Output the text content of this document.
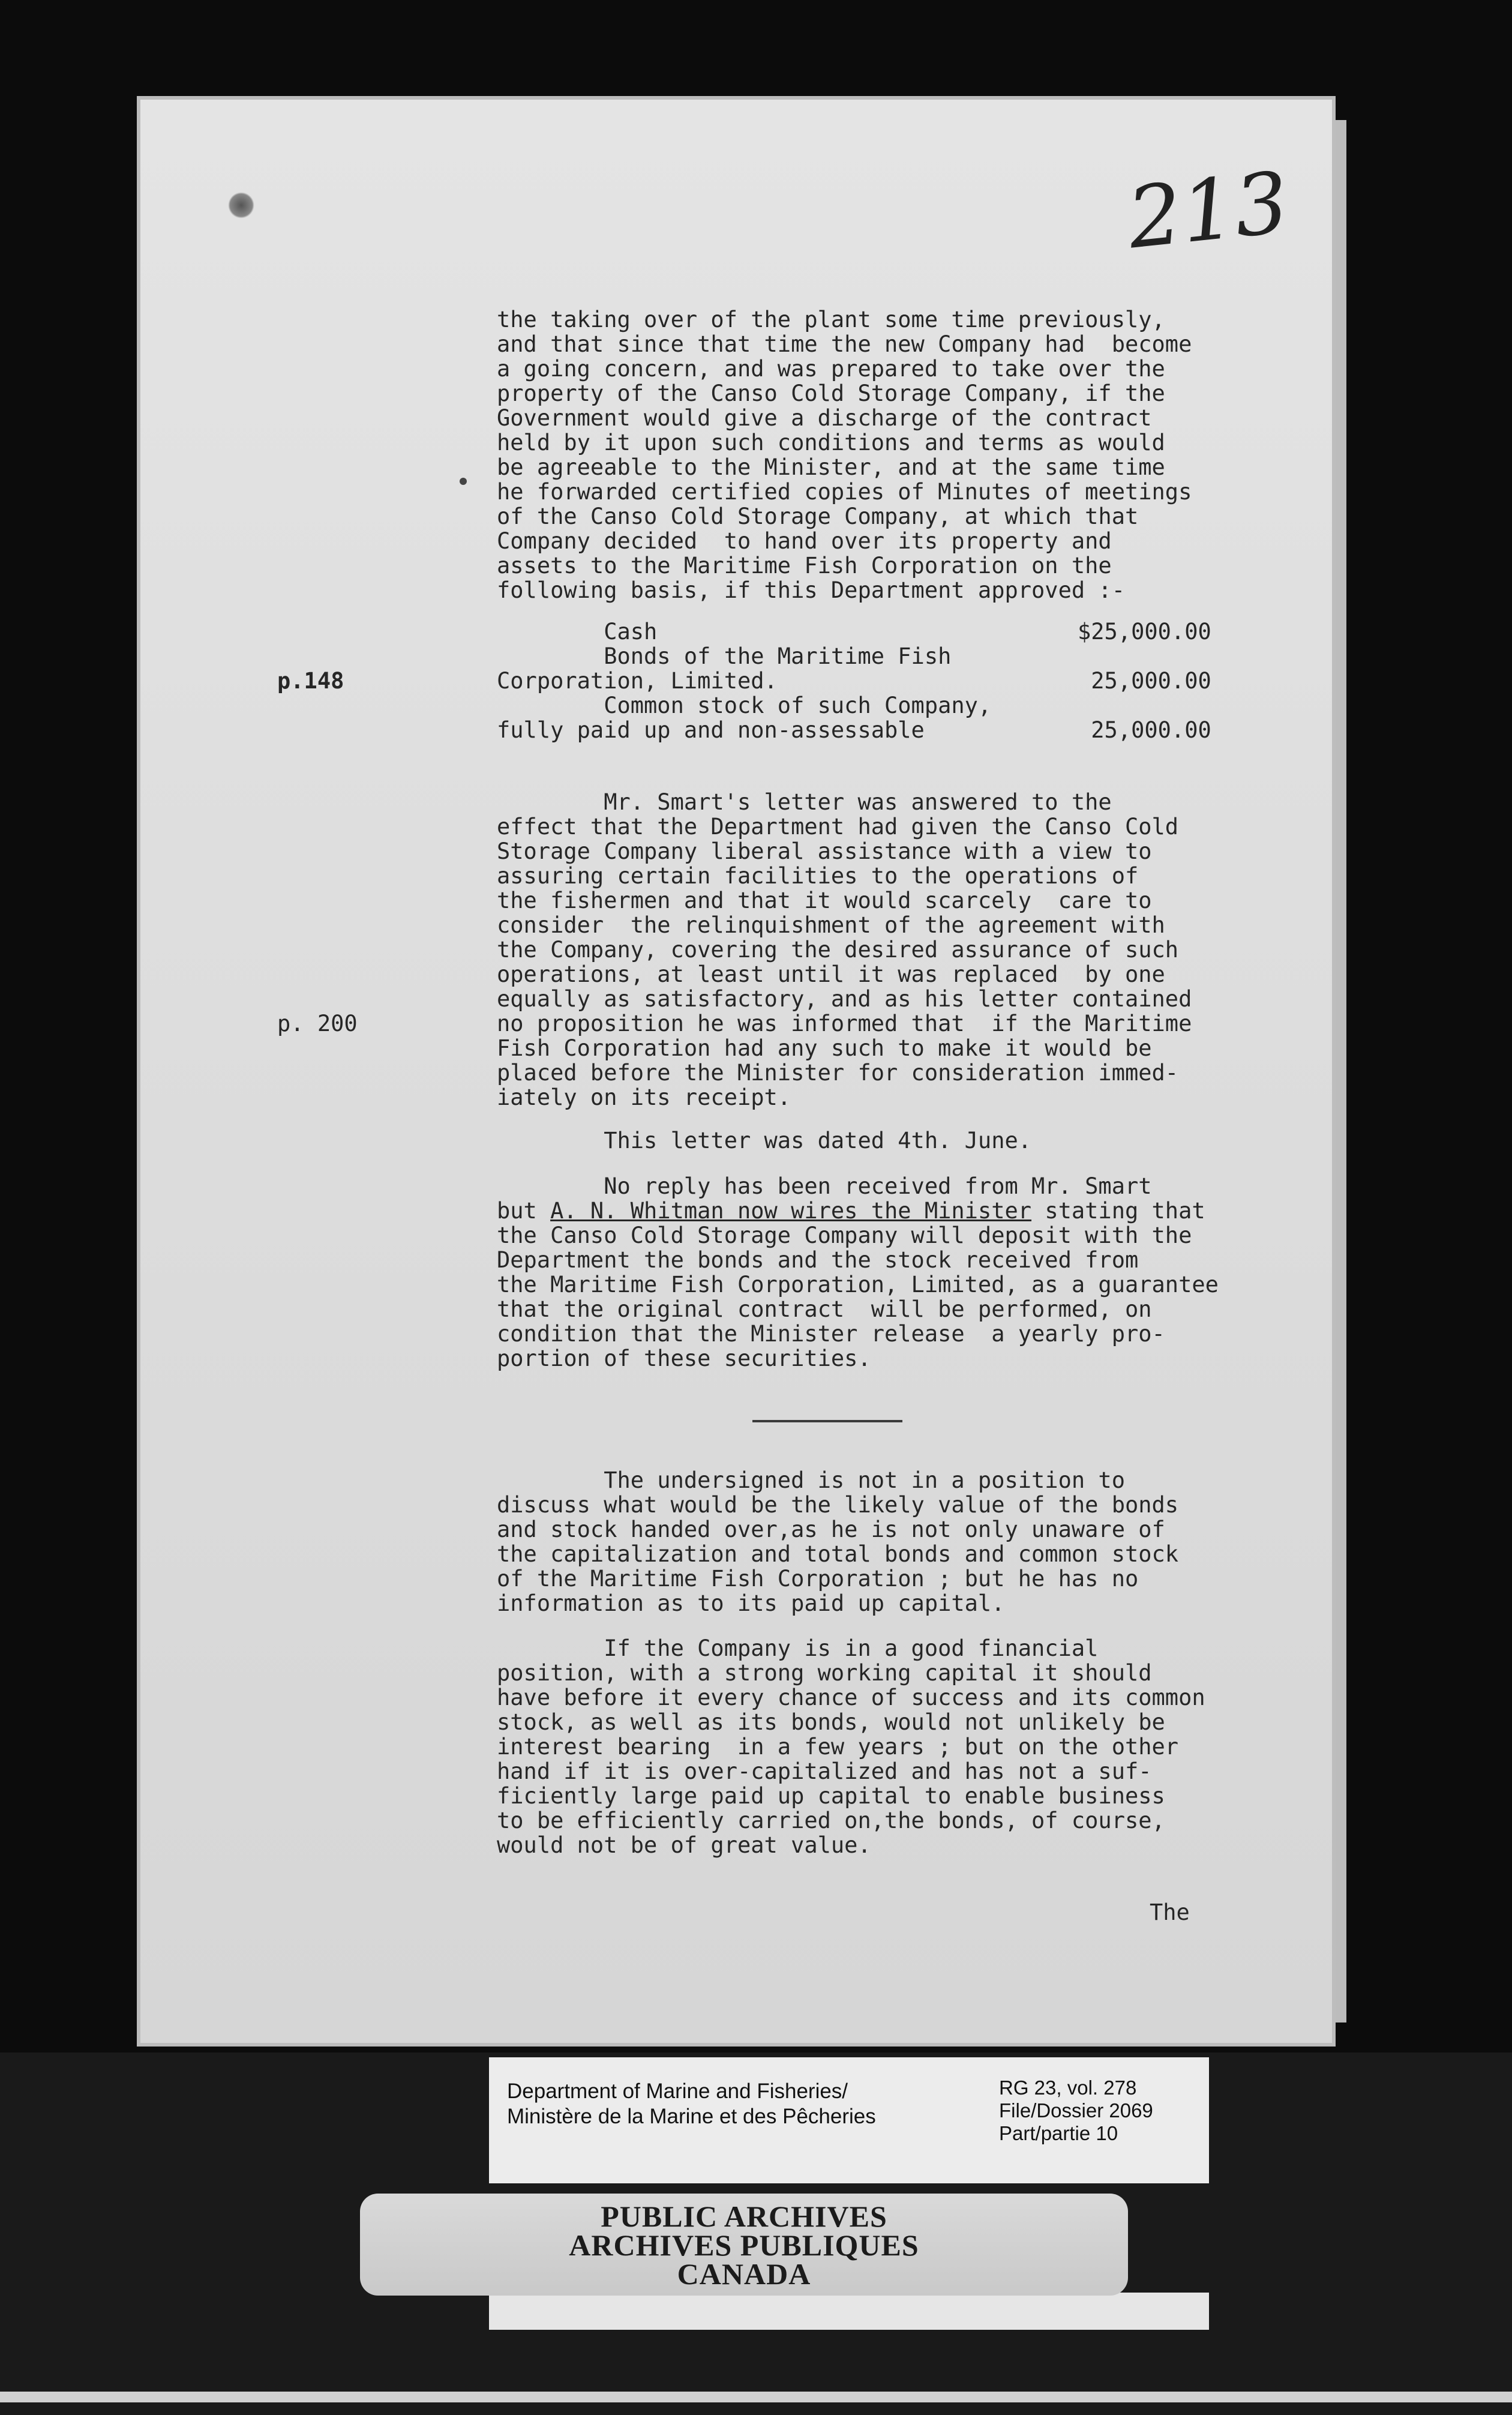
213
the taking over of the plant some time previously,
and that since that time the new Company had  become
a going concern, and was prepared to take over the
property of the Canso Cold Storage Company, if the
Government would give a discharge of the contract
held by it upon such conditions and terms as would
be agreeable to the Minister, and at the same time
he forwarded certified copies of Minutes of meetings
of the Canso Cold Storage Company, at which that
Company decided  to hand over its property and
assets to the Maritime Fish Corporation on the
following basis, if this Department approved :-
Cash	$25,000.00
Bonds of the Maritime Fish
Corporation, Limited.	25,000.00
p.148
Common stock of such Company,
fully paid up and non-assessable	25,000.00
Mr. Smart's letter was answered to the
effect that the Department had given the Canso Cold
Storage Company liberal assistance with a view to
assuring certain facilities to the operations of
the fishermen and that it would scarcely  care to
consider  the relinquishment of the agreement with
the Company, covering the desired assurance of such
operations, at least until it was replaced  by one
equally as satisfactory, and as his letter contained
no proposition he was informed that  if the Maritime
p. 200
Fish Corporation had any such to make it would be
placed before the Minister for consideration immed-
iately on its receipt.
This letter was dated 4th. June.
No reply has been received from Mr. Smart
but A. N. Whitman now wires the Minister stating that
the Canso Cold Storage Company will deposit with the
Department the bonds and the stock received from
the Maritime Fish Corporation, Limited, as a guarantee
that the original contract  will be performed, on
condition that the Minister release  a yearly pro-
portion of these securities.
The undersigned is not in a position to
discuss what would be the likely value of the bonds
and stock handed over,as he is not only unaware of
the capitalization and total bonds and common stock
of the Maritime Fish Corporation ; but he has no
information as to its paid up capital.
If the Company is in a good financial
position, with a strong working capital it should
have before it every chance of success and its common
stock, as well as its bonds, would not unlikely be
interest bearing  in a few years ; but on the other
hand if it is over-capitalized and has not a suf-
ficiently large paid up capital to enable business
to be efficiently carried on,the bonds, of course,
would not be of great value.
The
Department of Marine and Fisheries/
Ministère de la Marine et des Pêcheries
RG 23, vol. 278
File/Dossier 2069
Part/partie 10
PUBLIC ARCHIVES
ARCHIVES PUBLIQUES
CANADA
